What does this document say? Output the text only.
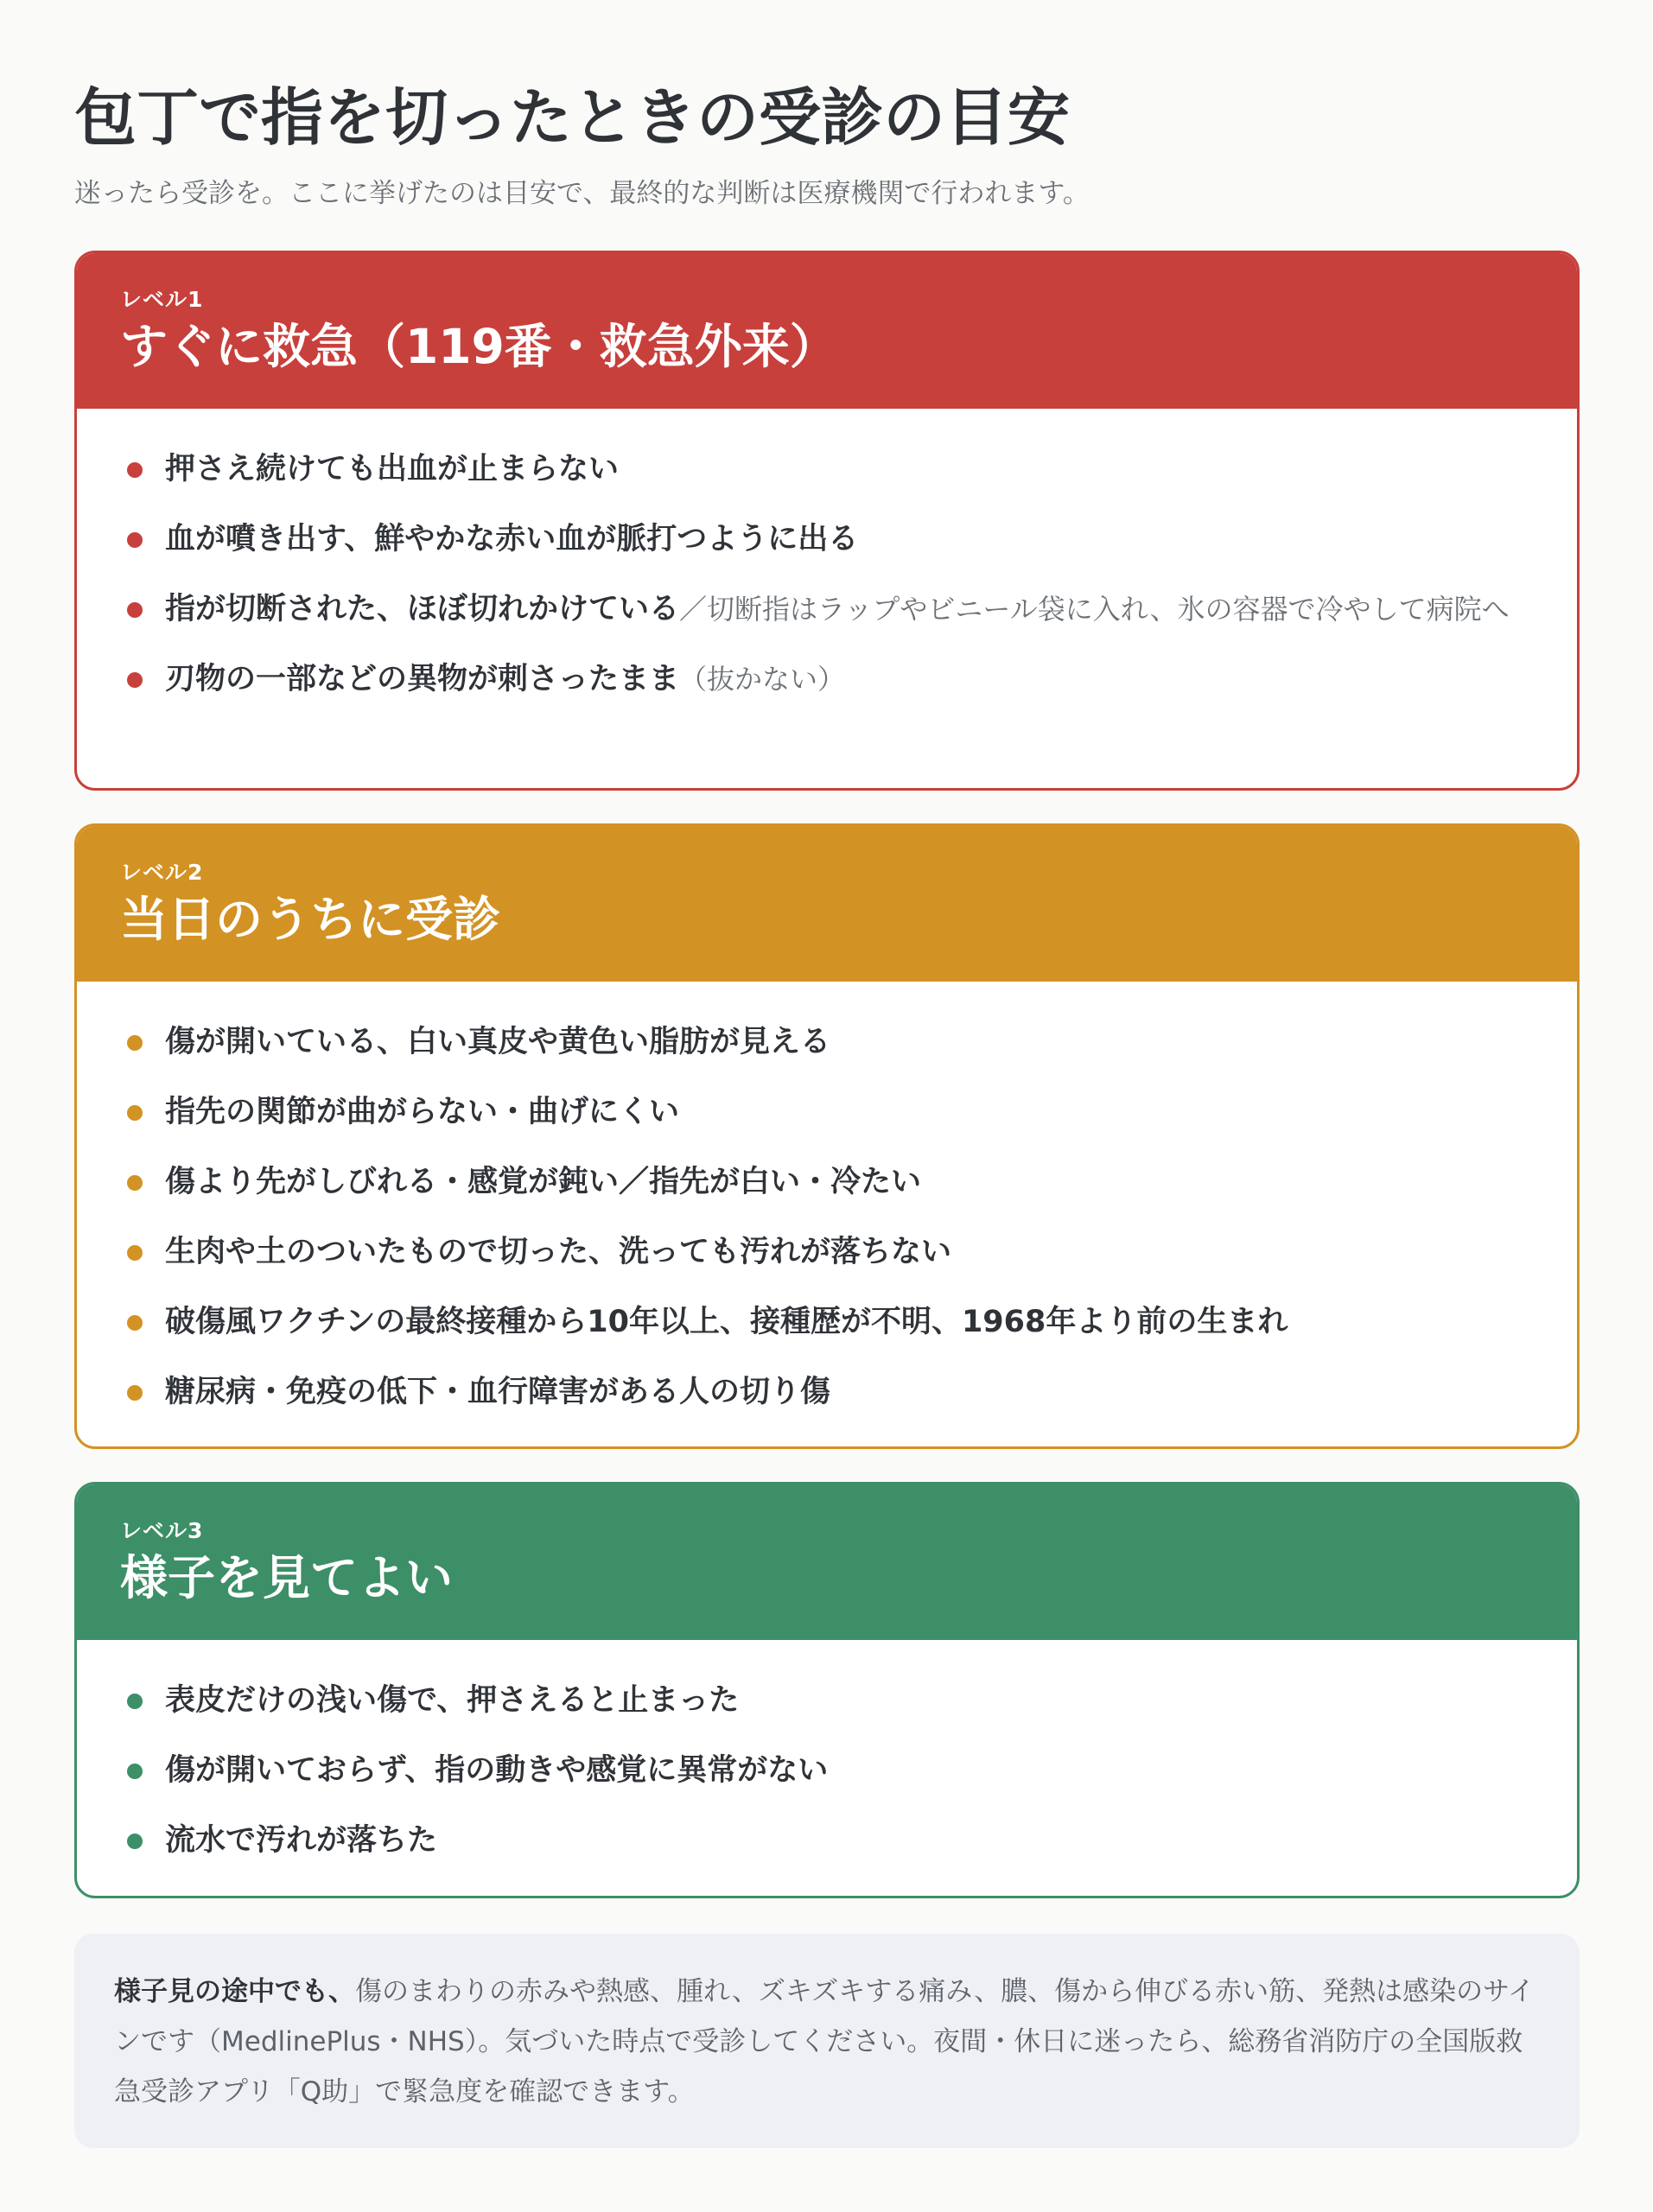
包丁で指を切ったときの受診の目安
迷ったら受診を。ここに挙げたのは目安で、最終的な判断は医療機関で行われます。
レベル1
すぐに救急（119番・救急外来）
押さえ続けても出血が止まらない
血が噴き出す、鮮やかな赤い血が脈打つように出る
指が切断された、ほぼ切れかけている／切断指はラップやビニール袋に入れ、氷の容器で冷やして病院へ
刃物の一部などの異物が刺さったまま（抜かない）
レベル2
当日のうちに受診
傷が開いている、白い真皮や黄色い脂肪が見える
指先の関節が曲がらない・曲げにくい
傷より先がしびれる・感覚が鈍い／指先が白い・冷たい
生肉や土のついたもので切った、洗っても汚れが落ちない
破傷風ワクチンの最終接種から10年以上、接種歴が不明、1968年より前の生まれ
糖尿病・免疫の低下・血行障害がある人の切り傷
レベル3
様子を見てよい
表皮だけの浅い傷で、押さえると止まった
傷が開いておらず、指の動きや感覚に異常がない
流水で汚れが落ちた
様子見の途中でも、傷のまわりの赤みや熱感、腫れ、ズキズキする痛み、膿、傷から伸びる赤い筋、発熱は感染のサインです（MedlinePlus・NHS）。気づいた時点で受診してください。夜間・休日に迷ったら、総務省消防庁の全国版救急受診アプリ「Q助」で緊急度を確認できます。
